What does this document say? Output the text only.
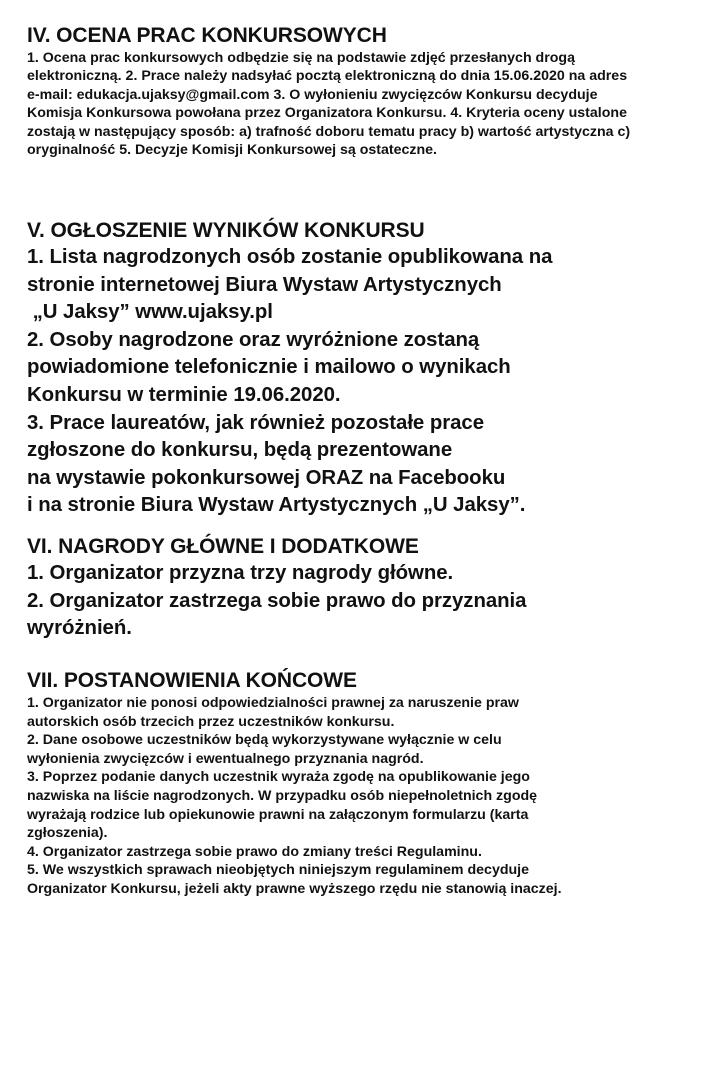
IV. OCENA PRAC KONKURSOWYCH

1. Ocena prac konkursowych odbędzie się na podstawie zdjęć przesłanych drogą elektroniczną. 2. Prace należy nadsyłać pocztą elektroniczną do dnia 15.06.2020 na adres e-mail: edukacja.ujaksy@gmail.com 3. O wyłonieniu zwycięzców Konkursu decyduje Komisja Konkursowa powołana przez Organizatora Konkursu. 4. Kryteria oceny ustalone zostają w następujący sposób: a) trafność doboru tematu pracy b) wartość artystyczna c) oryginalność 5. Decyzje Komisji Konkursowej są ostateczne.

V. OGŁOSZENIE WYNIKÓW KONKURSU
1. Lista nagrodzonych osób zostanie opublikowana na
stronie internetowej Biura Wystaw Artystycznych
„U Jaksy” www.ujaksy.pl
2. Osoby nagrodzone oraz wyróżnione zostaną
powiadomione telefonicznie i mailowo o wynikach
Konkursu w terminie 19.06.2020.
3. Prace laureatów, jak również pozostałe prace
zgłoszone do konkursu, będą prezentowane
na wystawie pokonkursowej ORAZ na Facebooku
i na stronie Biura Wystaw Artystycznych „U Jaksy”.
VI. NAGRODY GŁÓWNE I DODATKOWE
1. Organizator przyzna trzy nagrody główne.
2. Organizator zastrzega sobie prawo do przyznania
wyróżnień.
VII. POSTANOWIENIA KOŃCOWE
1. Organizator nie ponosi odpowiedzialności prawnej za naruszenie praw
autorskich osób trzecich przez uczestników konkursu.
2. Dane osobowe uczestników będą wykorzystywane wyłącznie w celu
wyłonienia zwycięzców i ewentualnego przyznania nagród.
3. Poprzez podanie danych uczestnik wyraża zgodę na opublikowanie jego
nazwiska na liście nagrodzonych. W przypadku osób niepełnoletnich zgodę
wyrażają rodzice lub opiekunowie prawni na załączonym formularzu (karta
zgłoszenia).
4. Organizator zastrzega sobie prawo do zmiany treści Regulaminu.
5. We wszystkich sprawach nieobjętych niniejszym regulaminem decyduje
Organizator Konkursu, jeżeli akty prawne wyższego rzędu nie stanowią inaczej.
